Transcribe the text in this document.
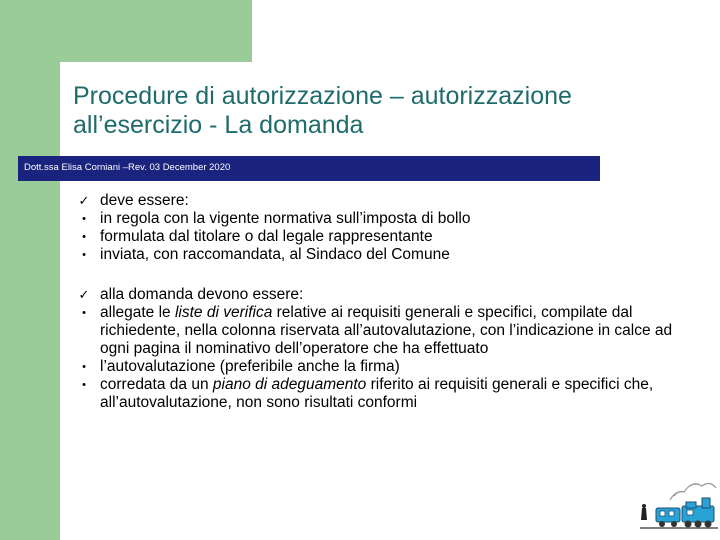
Procedure di autorizzazione – autorizzazione all’esercizio - La domanda
Dott.ssa Elisa Corniani –Rev. 03 December 2020
✓ deve essere:
• in regola con la vigente normativa sull’imposta di bollo
• formulata dal titolare o dal legale rappresentante
• inviata, con raccomandata, al Sindaco del Comune
✓ alla domanda devono essere:
• allegate le liste di verifica relative ai requisiti generali e specifici, compilate dal richiedente, nella colonna riservata all’autovalutazione, con l’indicazione in calce ad ogni pagina il nominativo dell’operatore che ha effettuato
• l’autovalutazione (preferibile anche la firma)
• corredata da un piano di adeguamento riferito ai requisiti generali e specifici che, all’autovalutazione, non sono risultati conformi
